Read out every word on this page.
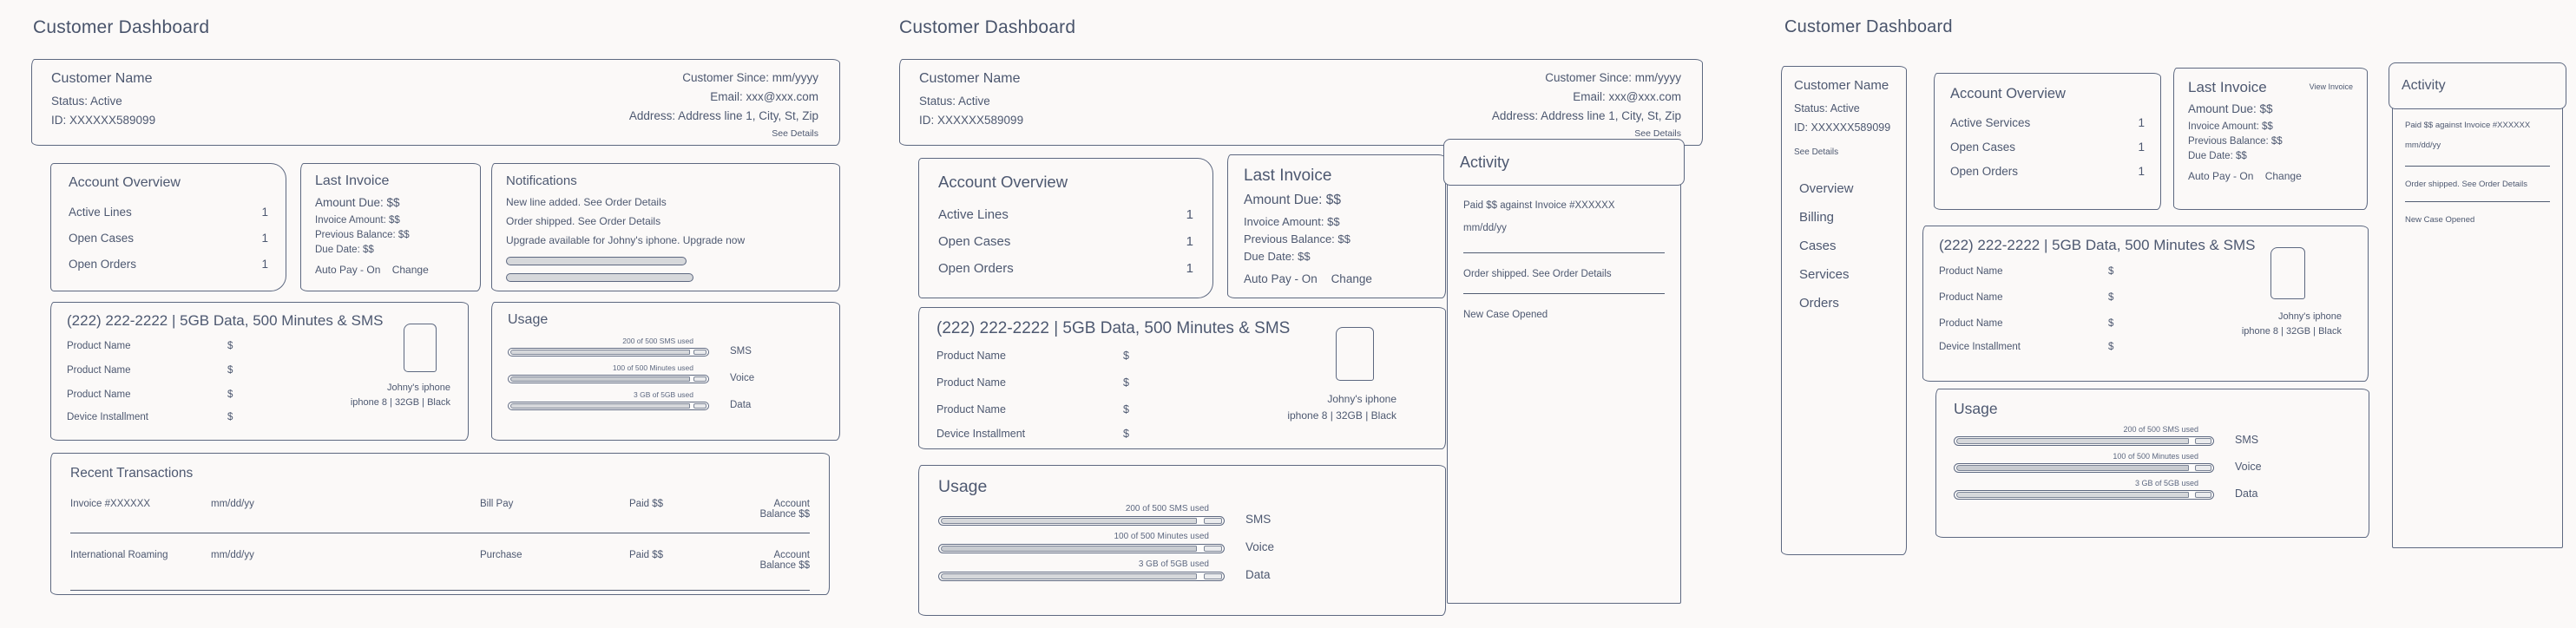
Customer Dashboard
Customer Name
Status: Active
ID: XXXXXX589099
Customer Since: mm/yyyy
Email: xxx@xxx.com
Address: Address line 1, City, St, Zip
See Details
Account Overview
Active Lines	1
Open Cases	1
Open Orders	1
Last Invoice
Amount Due: $$
Invoice Amount: $$
Previous Balance: $$
Due Date: $$
Auto Pay - On Change
Notifications
New line added. See Order Details
Order shipped. See Order Details
Upgrade available for Johny's iphone. Upgrade now
(222) 222-2222 | 5GB Data, 500 Minutes & SMS
Product Name	$
Product Name	$
Product Name	$
Device Installment	$
Johny's iphone
iphone 8 | 32GB | Black
Usage
200 of 500 SMS used
SMS
100 of 500 Minutes used
Voice
3 GB of 5GB used
Data
Recent Transactions
Invoice #XXXXXX	mm/dd/yy	Bill Pay	Paid $$	Account Balance $$
International Roaming	mm/dd/yy	Purchase	Paid $$	Account Balance $$
Customer Dashboard
Customer Name
Status: Active
ID: XXXXXX589099
Customer Since: mm/yyyy
Email: xxx@xxx.com
Address: Address line 1, City, St, Zip
See Details
Account Overview
Active Lines	1
Open Cases	1
Open Orders	1
Last Invoice
Amount Due: $$
Invoice Amount: $$
Previous Balance: $$
Due Date: $$
Auto Pay - On Change
Activity
Paid $$ against Invoice #XXXXXX
mm/dd/yy
Order shipped. See Order Details
New Case Opened
(222) 222-2222 | 5GB Data, 500 Minutes & SMS
Product Name	$
Product Name	$
Product Name	$
Device Installment	$
Johny's iphone
iphone 8 | 32GB | Black
Usage
200 of 500 SMS used
SMS
100 of 500 Minutes used
Voice
3 GB of 5GB used
Data
Customer Dashboard
Customer Name
Status: Active
ID: XXXXXX589099
See Details
Overview
Billing
Cases
Services
Orders
Account Overview
Active Services	1
Open Cases	1
Open Orders	1
Last Invoice	View Invoice
Amount Due: $$
Invoice Amount: $$
Previous Balance: $$
Due Date: $$
Auto Pay - On Change
Activity
Paid $$ against Invoice #XXXXXX
mm/dd/yy
Order shipped. See Order Details
New Case Opened
(222) 222-2222 | 5GB Data, 500 Minutes & SMS
Product Name	$
Product Name	$
Product Name	$
Device Installment	$
Johny's iphone
iphone 8 | 32GB | Black
Usage
200 of 500 SMS used
SMS
100 of 500 Minutes used
Voice
3 GB of 5GB used
Data
